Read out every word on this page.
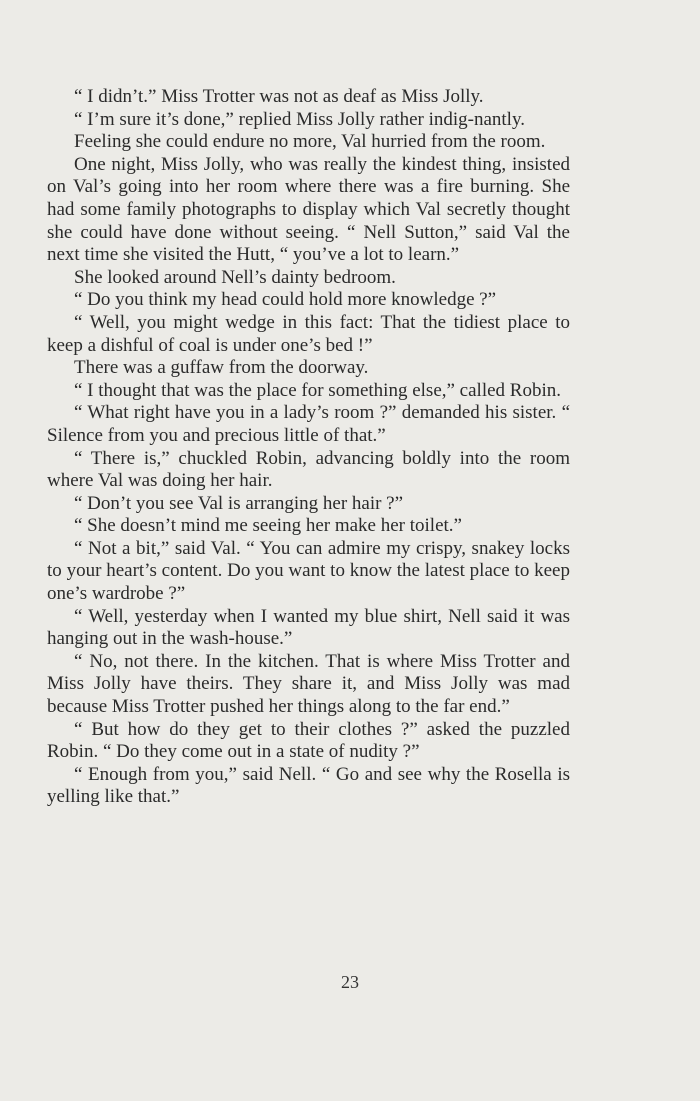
“ I didn’t.” Miss Trotter was not as deaf as Miss Jolly.

“ I’m sure it’s done,” replied Miss Jolly rather indig-nantly.

Feeling she could endure no more, Val hurried from the room.

One night, Miss Jolly, who was really the kindest thing, insisted on Val’s going into her room where there was a fire burning. She had some family photographs to display which Val secretly thought she could have done without seeing. “ Nell Sutton,” said Val the next time she visited the Hutt, “ you’ve a lot to learn.”

She looked around Nell’s dainty bedroom.

“ Do you think my head could hold more knowledge ?”

“ Well, you might wedge in this fact: That the tidiest place to keep a dishful of coal is under one’s bed !”

There was a guffaw from the doorway.

“ I thought that was the place for something else,” called Robin.

“ What right have you in a lady’s room ?” demanded his sister. “ Silence from you and precious little of that.”

“ There is,” chuckled Robin, advancing boldly into the room where Val was doing her hair.

“ Don’t you see Val is arranging her hair ?”

“ She doesn’t mind me seeing her make her toilet.”

“ Not a bit,” said Val. “ You can admire my crispy, snakey locks to your heart’s content. Do you want to know the latest place to keep one’s wardrobe ?”

“ Well, yesterday when I wanted my blue shirt, Nell said it was hanging out in the wash-house.”

“ No, not there. In the kitchen. That is where Miss Trotter and Miss Jolly have theirs. They share it, and Miss Jolly was mad because Miss Trotter pushed her things along to the far end.”

“ But how do they get to their clothes ?” asked the puzzled Robin. “ Do they come out in a state of nudity ?”

“ Enough from you,” said Nell. “ Go and see why the Rosella is yelling like that.”

23
